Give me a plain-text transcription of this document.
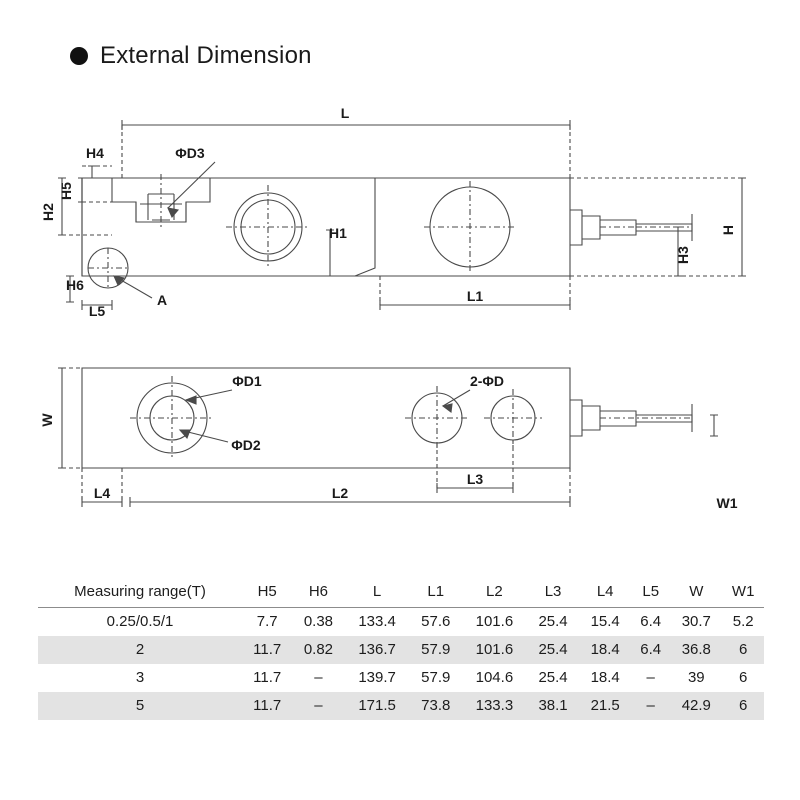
External Dimension
L
L1
L2
L3
L4
L5
H1
H4
H6
ΦD3
A
ΦD1
ΦD2
2-ΦD
W1
H2
H5
H3
H
W
Measuring range(T)	H5	H6	L	L1	L2	L3	L4	L5	W	W1
0.25/0.5/1	7.7	0.38	133.4	57.6	101.6	25.4	15.4	6.4	30.7	5.2
2	11.7	0.82	136.7	57.9	101.6	25.4	18.4	6.4	36.8	6
3	11.7	–	139.7	57.9	104.6	25.4	18.4	–	39	6
5	11.7	–	171.5	73.8	133.3	38.1	21.5	–	42.9	6
